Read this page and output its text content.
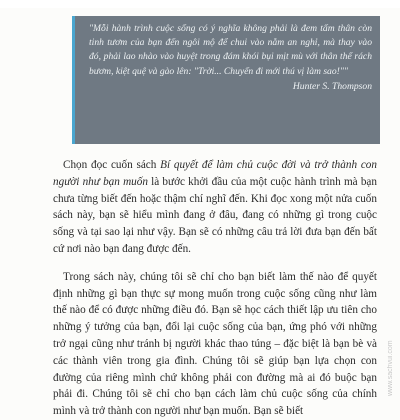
"Mỗi hành trình cuộc sống có ý nghĩa không phải là đem tấm thân còn tinh tươm của bạn đến ngôi mộ để chui vào nằm an nghỉ, mà thay vào đó, phải lao nhào vào huyệt trong đám khói bụi mịt mù với thân thể rách bươm, kiệt quệ và gào lên: "Trời... Chuyến đi mới thú vị làm sao!""

Hunter S. Thompson

Chọn đọc cuốn sách Bí quyết để làm chủ cuộc đời và trở thành con người như bạn muốn là bước khởi đầu của một cuộc hành trình mà bạn chưa từng biết đến hoặc thậm chí nghĩ đến. Khi đọc xong một nửa cuốn sách này, bạn sẽ hiểu mình đang ở đâu, đang có những gì trong cuộc sống và tại sao lại như vậy. Bạn sẽ có những câu trả lời đưa bạn đến bất cứ nơi nào bạn đang được đến.

Trong sách này, chúng tôi sẽ chỉ cho bạn biết làm thế nào để quyết định những gì bạn thực sự mong muốn trong cuộc sống cũng như làm thế nào để có được những điều đó. Bạn sẽ học cách thiết lập ưu tiên cho những ý tưởng của bạn, đổi lại cuộc sống của bạn, ứng phó với những trở ngại cũng như tránh bị người khác thao túng – đặc biệt là bạn bè và các thành viên trong gia đình. Chúng tôi sẽ giúp bạn lựa chọn con đường của riêng mình chứ không phải con đường mà ai đó buộc bạn phải đi. Chúng tôi sẽ chỉ cho bạn cách làm chủ cuộc sống của chính mình và trở thành con người như bạn muốn. Bạn sẽ biết

www.sachvui.com
